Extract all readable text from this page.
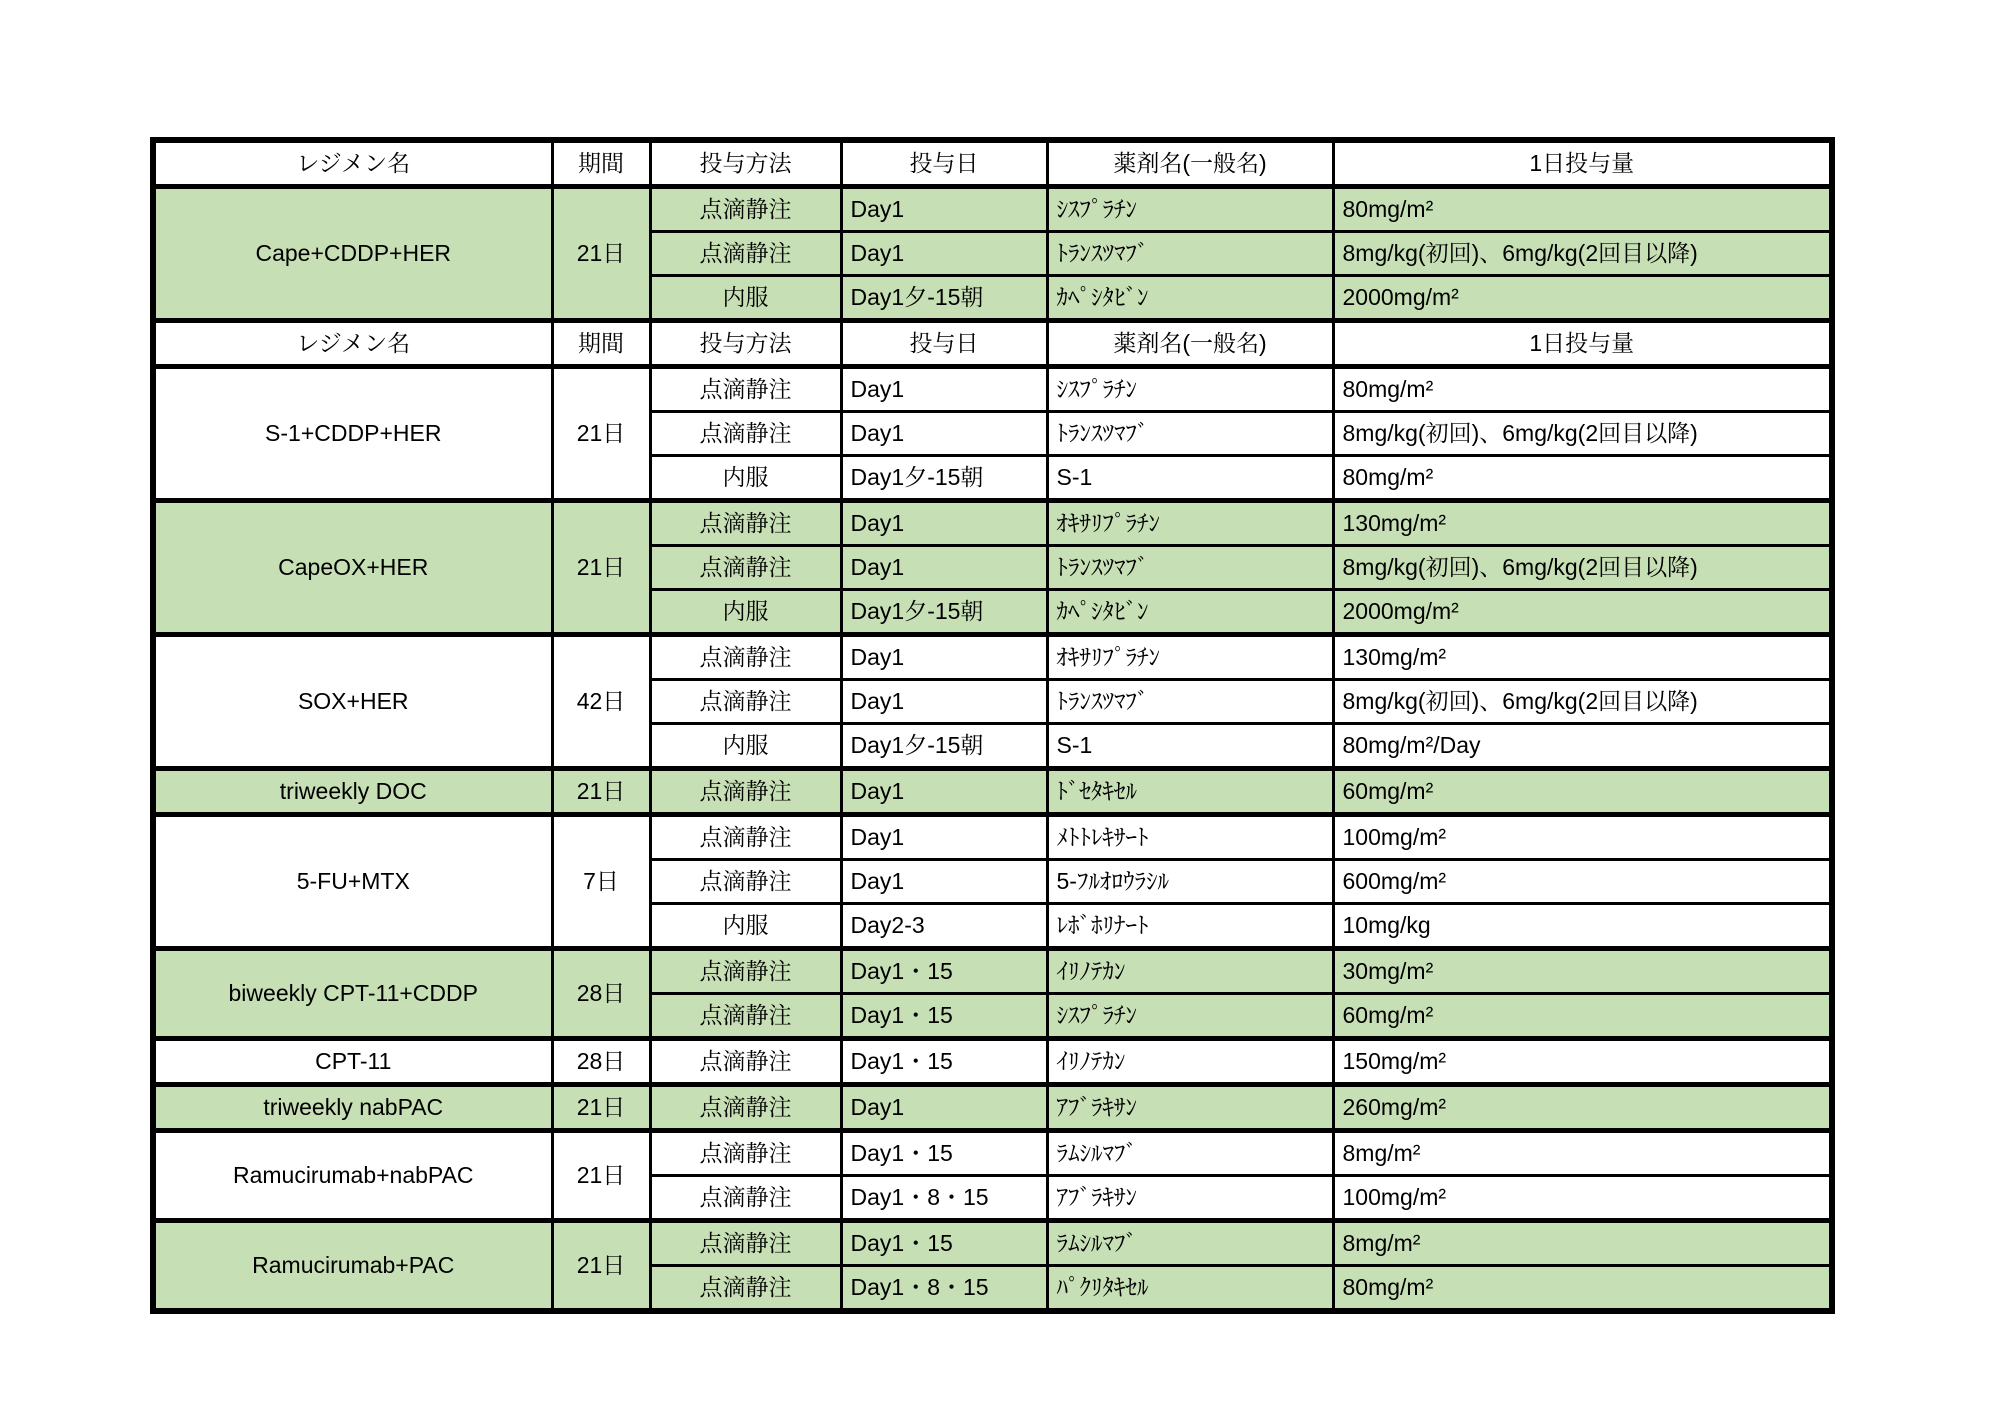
レジメン名	期間	投与方法	投与日	薬剤名(一般名)	1日投与量
Cape+CDDP+HER	21日	点滴静注	Day1	ｼｽﾌﾟﾗﾁﾝ	80mg/m²
		点滴静注	Day1	ﾄﾗﾝｽﾂﾏﾌﾞ	8mg/kg(初回)、6mg/kg(2回目以降)
		内服	Day1夕-15朝	ｶﾍﾟｼﾀﾋﾞﾝ	2000mg/m²
レジメン名	期間	投与方法	投与日	薬剤名(一般名)	1日投与量
S-1+CDDP+HER	21日	点滴静注	Day1	ｼｽﾌﾟﾗﾁﾝ	80mg/m²
		点滴静注	Day1	ﾄﾗﾝｽﾂﾏﾌﾞ	8mg/kg(初回)、6mg/kg(2回目以降)
		内服	Day1夕-15朝	S-1	80mg/m²
CapeOX+HER	21日	点滴静注	Day1	ｵｷｻﾘﾌﾟﾗﾁﾝ	130mg/m²
		点滴静注	Day1	ﾄﾗﾝｽﾂﾏﾌﾞ	8mg/kg(初回)、6mg/kg(2回目以降)
		内服	Day1夕-15朝	ｶﾍﾟｼﾀﾋﾞﾝ	2000mg/m²
SOX+HER	42日	点滴静注	Day1	ｵｷｻﾘﾌﾟﾗﾁﾝ	130mg/m²
		点滴静注	Day1	ﾄﾗﾝｽﾂﾏﾌﾞ	8mg/kg(初回)、6mg/kg(2回目以降)
		内服	Day1夕-15朝	S-1	80mg/m²/Day
triweekly DOC	21日	点滴静注	Day1	ﾄﾞｾﾀｷｾﾙ	60mg/m²
5-FU+MTX	7日	点滴静注	Day1	ﾒﾄﾄﾚｷｻｰﾄ	100mg/m²
		点滴静注	Day1	5-ﾌﾙｵﾛｳﾗｼﾙ	600mg/m²
		内服	Day2-3	ﾚﾎﾞﾎﾘﾅｰﾄ	10mg/kg
biweekly CPT-11+CDDP	28日	点滴静注	Day1・15	ｲﾘﾉﾃｶﾝ	30mg/m²
		点滴静注	Day1・15	ｼｽﾌﾟﾗﾁﾝ	60mg/m²
CPT-11	28日	点滴静注	Day1・15	ｲﾘﾉﾃｶﾝ	150mg/m²
triweekly nabPAC	21日	点滴静注	Day1	ｱﾌﾞﾗｷｻﾝ	260mg/m²
Ramucirumab+nabPAC	21日	点滴静注	Day1・15	ﾗﾑｼﾙﾏﾌﾞ	8mg/m²
		点滴静注	Day1・8・15	ｱﾌﾞﾗｷｻﾝ	100mg/m²
Ramucirumab+PAC	21日	点滴静注	Day1・15	ﾗﾑｼﾙﾏﾌﾞ	8mg/m²
		点滴静注	Day1・8・15	ﾊﾟｸﾘﾀｷｾﾙ	80mg/m²
